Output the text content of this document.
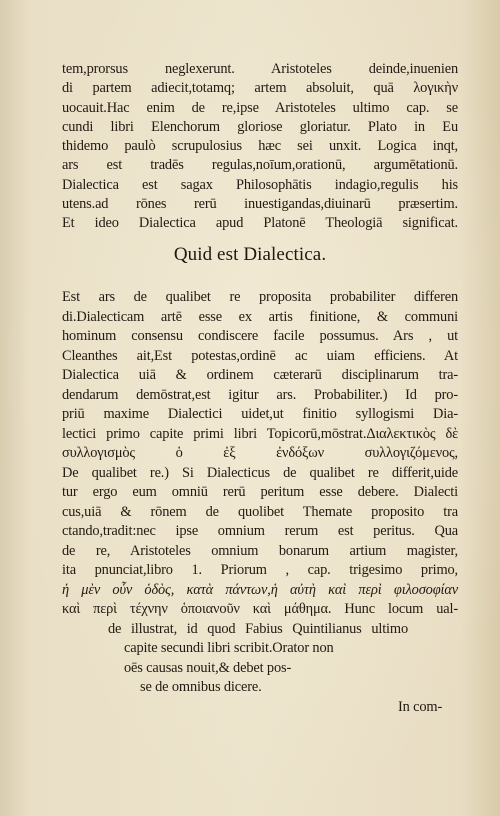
tem,prorsus neglexerunt. Aristoteles deinde,inuenien
di partem adiecit,totamq; artem absoluit, quā λογικὴν
uocauit.Hac enim de re,ipse Aristoteles ultimo cap. se
cundi libri Elenchorum gloriose gloriatur. Plato in Eu
thidemo paulò scrupulosius hæc sei unxit. Logica inqt,
ars est tradēs regulas,noīum,orationū, argumētationū.
Dialectica est sagax Philosophātis indagio,regulis his
utens.ad rōnes rerū inuestigandas,diuinarū præsertim.
Et ideo Dialectica apud Platonē Theologiā significat.
Quid est Dialectica.
Est ars de qualibet re proposita probabiliter differen
di.Dialecticam artē esse ex artis finitione, & communi
hominum consensu condiscere facile possumus. Ars , ut
Cleanthes ait,Est potestas,ordinē ac uiam efficiens. At
Dialectica uiā & ordinem cæterarū disciplinarum tra-
dendarum demōstrat,est igitur ars. Probabiliter.) Id pro-
priū maxime Dialectici uidet,ut finitio syllogismi Dia-
lectici primo capite primi libri Topicorū,mōstrat.Διαλεκτικὸς δὲ συλλογισμὸς ὁ ἐξ ἐνδόξων συλλογιζόμενος,
De qualibet re.) Si Dialecticus de qualibet re differit,uide
tur ergo eum omniū rerū peritum esse debere. Dialecti
cus,uiā & rōnem de quolibet Themate proposito tra
ctando,tradit:nec ipse omnium rerum est peritus. Qua
de re, Aristoteles omnium bonarum artium magister,
ita pnunciat,libro 1. Priorum , cap. trigesimo primo,
ἡ μὲν οὖν ὁδὸς, κατὰ πάντων,ἡ αὐτὴ καὶ περὶ φιλοσοφίαν
καὶ περὶ τέχνην ὁποιανοῦν καὶ μάθημα. Hunc locum ual-
de illustrat, id quod Fabius Quintilianus ultimo
capite secundi libri scribit.Orator non
oēs causas nouit,& debet pos-
se de omnibus dicere.
In com-
